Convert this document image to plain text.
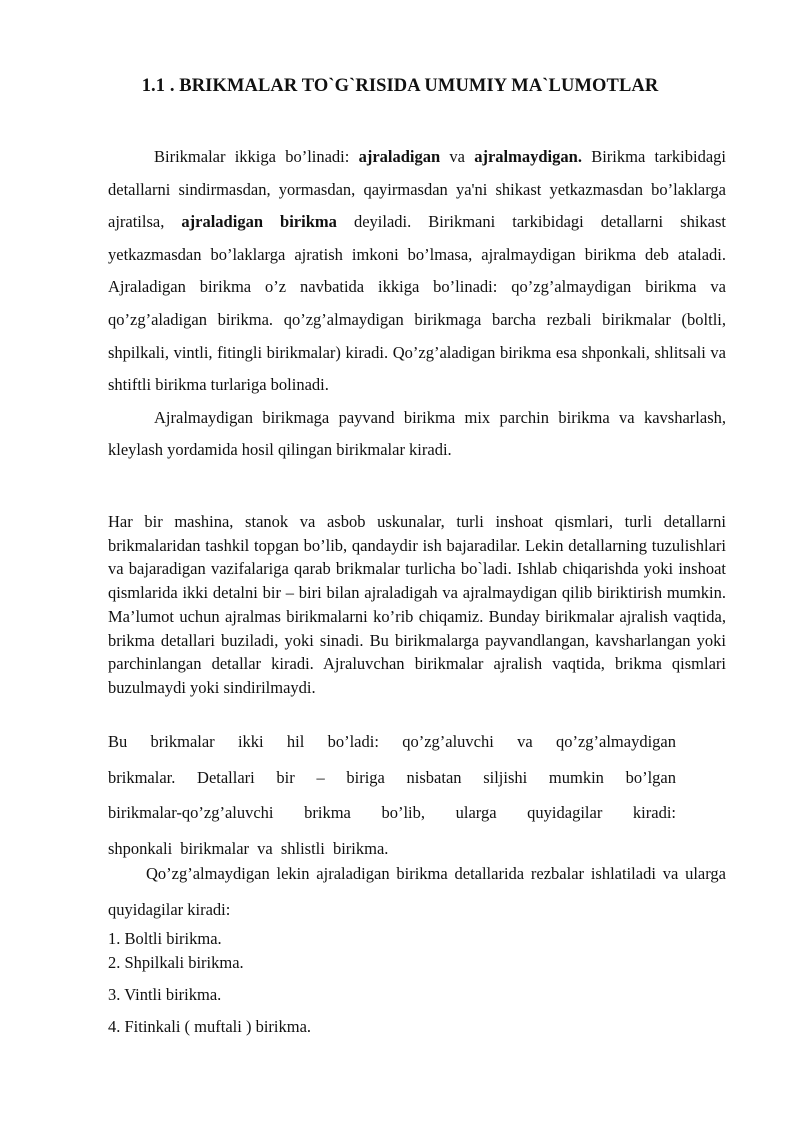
1.1 . BRIKMALAR TO`G`RISIDA UMUMIY MA`LUMOTLAR

Birikmalar ikkiga bo’linadi: ajraladigan va ajralmaydigan. Birikma tarkibidagi detallarni sindirmasdan, yormasdan, qayirmasdan ya'ni shikast yetkazmasdan bo’laklarga ajratilsa, ajraladigan birikma deyiladi. Birikmani tarkibidagi detallarni shikast yetkazmasdan bo’laklarga ajratish imkoni bo’lmasa, ajralmaydigan birikma deb ataladi. Ajraladigan birikma o’z navbatida ikkiga bo’linadi: qo’zg’almaydigan birikma va qo’zg’aladigan birikma. qo’zg’almaydigan birikmaga barcha rezbali birikmalar (boltli, shpilkali, vintli, fitingli birikmalar) kiradi. Qo’zg’aladigan birikma esa shponkali, shlitsali va shtiftli birikma turlariga bolinadi.

Ajralmaydigan birikmaga payvand birikma mix parchin birikma va kavsharlash, kleylash yordamida hosil qilingan birikmalar kiradi.

Har bir mashina, stanok va asbob uskunalar, turli inshoat qismlari, turli detallarni brikmalaridan tashkil topgan bo’lib, qandaydir ish bajaradilar. Lekin detallarning tuzulishlari va bajaradigan vazifalariga qarab brikmalar turlicha bo`ladi. Ishlab chiqarishda yoki inshoat qismlarida ikki detalni bir – biri bilan ajraladigah va ajralmaydigan qilib biriktirish mumkin. Ma’lumot uchun ajralmas birikmalarni ko’rib chiqamiz. Bunday birikmalar ajralish vaqtida, brikma detallari buziladi, yoki sinadi. Bu birikmalarga payvandlangan, kavsharlangan yoki parchinlangan detallar kiradi. Ajraluvchan birikmalar ajralish vaqtida, brikma qismlari buzulmaydi yoki sindirilmaydi.

Bu brikmalar ikki hil bo’ladi: qo’zg’aluvchi va qo’zg’almaydigan

brikmalar. Detallari bir – biriga nisbatan siljishi mumkin bo’lgan

birikmalar-qo’zg’aluvchi brikma bo’lib, ularga quyidagilar kiradi:

shponkali birikmalar va shlistli birikma.

Qo’zg’almaydigan lekin ajraladigan birikma detallarida rezbalar ishlatiladi va ularga quyidagilar kiradi:

1. Boltli birikma.
2. Shpilkali birikma.
3. Vintli birikma.
4. Fitinkali ( muftali ) birikma.
